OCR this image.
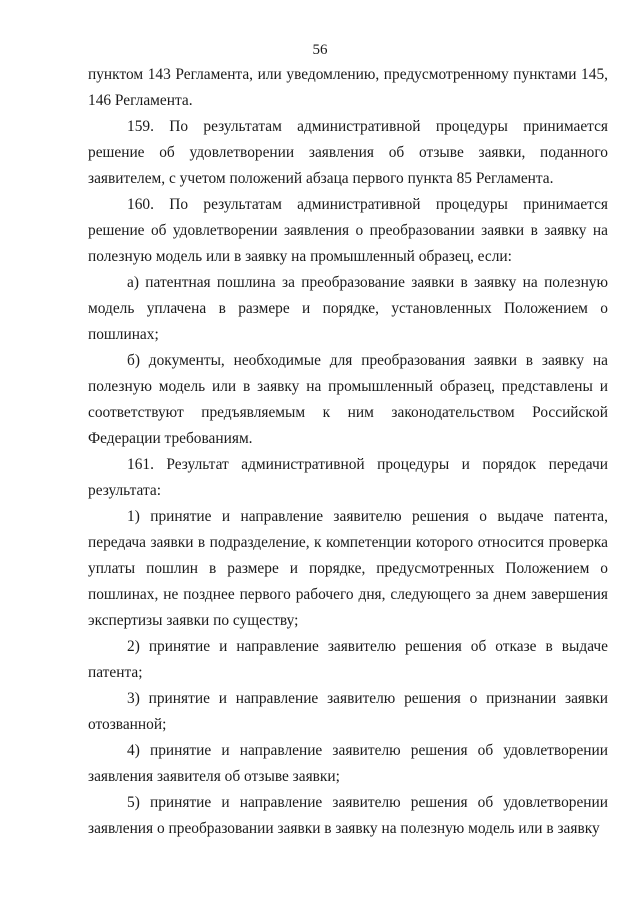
56

пунктом 143 Регламента, или уведомлению, предусмотренному пунктами 145, 146 Регламента.

159. По результатам административной процедуры принимается решение об удовлетворении заявления об отзыве заявки, поданного заявителем, с учетом положений абзаца первого пункта 85 Регламента.

160. По результатам административной процедуры принимается решение об удовлетворении заявления о преобразовании заявки в заявку на полезную модель или в заявку на промышленный образец, если:

а) патентная пошлина за преобразование заявки в заявку на полезную модель уплачена в размере и порядке, установленных Положением о пошлинах;

б) документы, необходимые для преобразования заявки в заявку на полезную модель или в заявку на промышленный образец, представлены и соответствуют предъявляемым к ним законодательством Российской Федерации требованиям.

161. Результат административной процедуры и порядок передачи результата:

1) принятие и направление заявителю решения о выдаче патента, передача заявки в подразделение, к компетенции которого относится проверка уплаты пошлин в размере и порядке, предусмотренных Положением о пошлинах, не позднее первого рабочего дня, следующего за днем завершения экспертизы заявки по существу;

2) принятие и направление заявителю решения об отказе в выдаче патента;

3) принятие и направление заявителю решения о признании заявки отозванной;

4) принятие и направление заявителю решения об удовлетворении заявления заявителя об отзыве заявки;

5) принятие и направление заявителю решения об удовлетворении заявления о преобразовании заявки в заявку на полезную модель или в заявку
